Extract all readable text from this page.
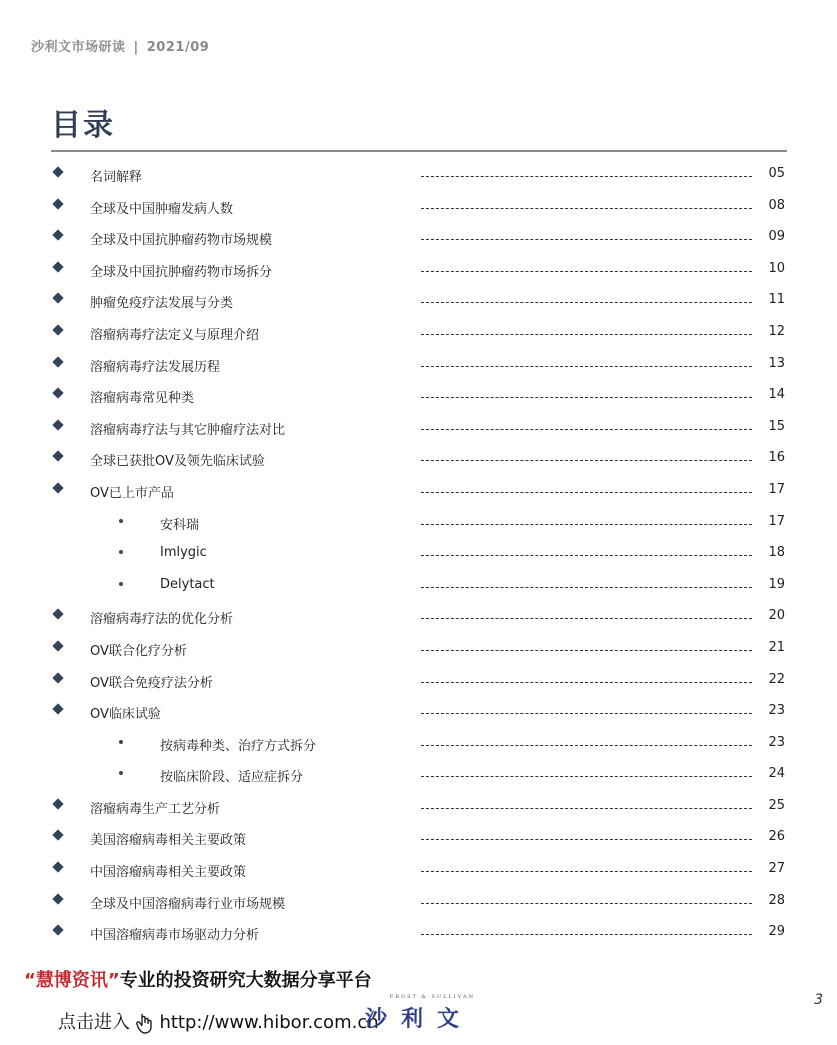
沙利文市场研读 | 2021/09
目录
名词解释	05
全球及中国肿瘤发病人数	08
全球及中国抗肿瘤药物市场规模	09
全球及中国抗肿瘤药物市场拆分	10
肿瘤免疫疗法发展与分类	11
溶瘤病毒疗法定义与原理介绍	12
溶瘤病毒疗法发展历程	13
溶瘤病毒常见种类	14
溶瘤病毒疗法与其它肿瘤疗法对比	15
全球已获批OV及领先临床试验	16
OV已上市产品	17
安科瑞	17
Imlygic	18
Delytact	19
溶瘤病毒疗法的优化分析	20
OV联合化疗分析	21
OV联合免疫疗法分析	22
OV临床试验	23
按病毒种类、治疗方式拆分	23
按临床阶段、适应症拆分	24
溶瘤病毒生产工艺分析	25
美国溶瘤病毒相关主要政策	26
中国溶瘤病毒相关主要政策	27
全球及中国溶瘤病毒行业市场规模	28
中国溶瘤病毒市场驱动力分析	29
“慧博资讯”专业的投资研究大数据分享平台
点击进入 http://www.hibor.com.cn
FROST & SULLIVAN
沙利文
3
